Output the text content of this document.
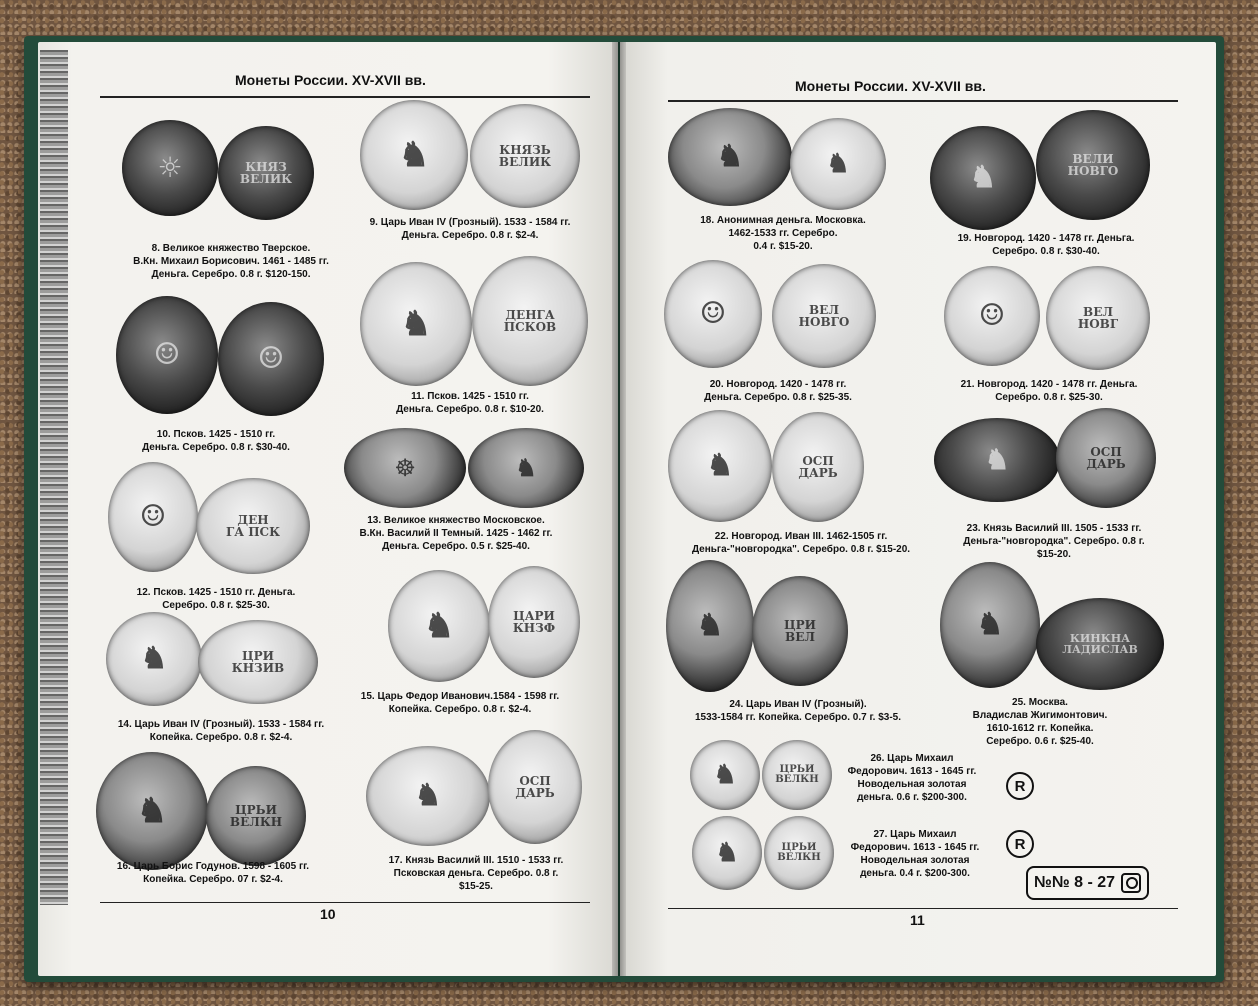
Монеты России. XV-XVII вв.	Монеты России. XV-XVII вв.
☼	КНЯЗ
ВЕЛИК
8. Великое княжество Тверское.
В.Кн. Михаил Борисович. 1461 - 1485 гг.
Деньга. Серебро. 0.8 г. $120-150.
♞	КНЯЗЬ
ВЕЛИК
9. Царь Иван IV (Грозный). 1533 - 1584 гг.
Деньга. Серебро. 0.8 г. $2-4.
☺	☺
10. Псков. 1425 - 1510 гг.
Деньга. Серебро. 0.8 г. $30-40.
♞	ДЕНГА
ПСКОВ
11. Псков. 1425 - 1510 гг.
Деньга. Серебро. 0.8 г. $10-20.
☺	ДЕН
ГА ПСК
12. Псков. 1425 - 1510 гг. Деньга.
Серебро. 0.8 г. $25-30.
☸	♞
13. Великое княжество Московское.
В.Кн. Василий II Темный. 1425 - 1462 гг.
Деньга. Серебро. 0.5 г. $25-40.
♞	ЦРИ
КНЗИВ
14. Царь Иван IV (Грозный). 1533 - 1584 гг.
Копейка. Серебро. 0.8 г. $2-4.
♞	ЦАРИ
КНЗФ
15. Царь Федор Иванович.1584 - 1598 гг.
Копейка. Серебро. 0.8 г. $2-4.
♞	ЦРЬИ
ВЕЛКН
16. Царь Борис Годунов. 1598 - 1605 гг.
Копейка. Серебро. 07 г. $2-4.
♞	ОСП
ДАРЬ
17. Князь Василий III. 1510 - 1533 гг.
Псковская деньга. Серебро. 0.8 г.
$15-25.
10
♞	♞
18. Анонимная деньга. Московка.
1462-1533 гг. Серебро.
0.4 г. $15-20.
♞
ВЕЛИ
НОВГО
19. Новгород. 1420 - 1478 гг. Деньга.
Серебро. 0.8 г. $30-40.
☺	ВЕЛ
НОВГО
20. Новгород. 1420 - 1478 гг.
Деньга. Серебро. 0.8 г. $25-35.
☺	ВЕЛ
НОВГ
21. Новгород. 1420 - 1478 гг. Деньга.
Серебро. 0.8 г. $25-30.
♞	ОСП
ДАРЬ
22. Новгород. Иван III. 1462-1505 гг.
Деньга-"новгородка". Серебро. 0.8 г. $15-20.
♞	ОСП
ДАРЬ
23. Князь Василий III. 1505 - 1533 гг.
Деньга-"новгородка". Серебро. 0.8 г.
$15-20.
♞	ЦРИ
ВЕЛ
24. Царь Иван IV (Грозный).
1533-1584 гг. Копейка. Серебро. 0.7 г. $3-5.
♞	КИНКНА
ЛАДИСЛАВ
25. Москва.
Владислав Жигимонтович.
1610-1612 гг. Копейка.
Серебро. 0.6 г. $25-40.
♞	ЦРЬИ
ВЕЛКН
26. Царь Михаил
Федорович. 1613 - 1645 гг.
Новодельная золотая
деньга. 0.6 г. $200-300.
R
♞	ЦРЬИ
ВЕЛКН
27. Царь Михаил
Федорович. 1613 - 1645 гг.
Новодельная золотая
деньга. 0.4 г. $200-300.
R
№№ 8 - 27
11
